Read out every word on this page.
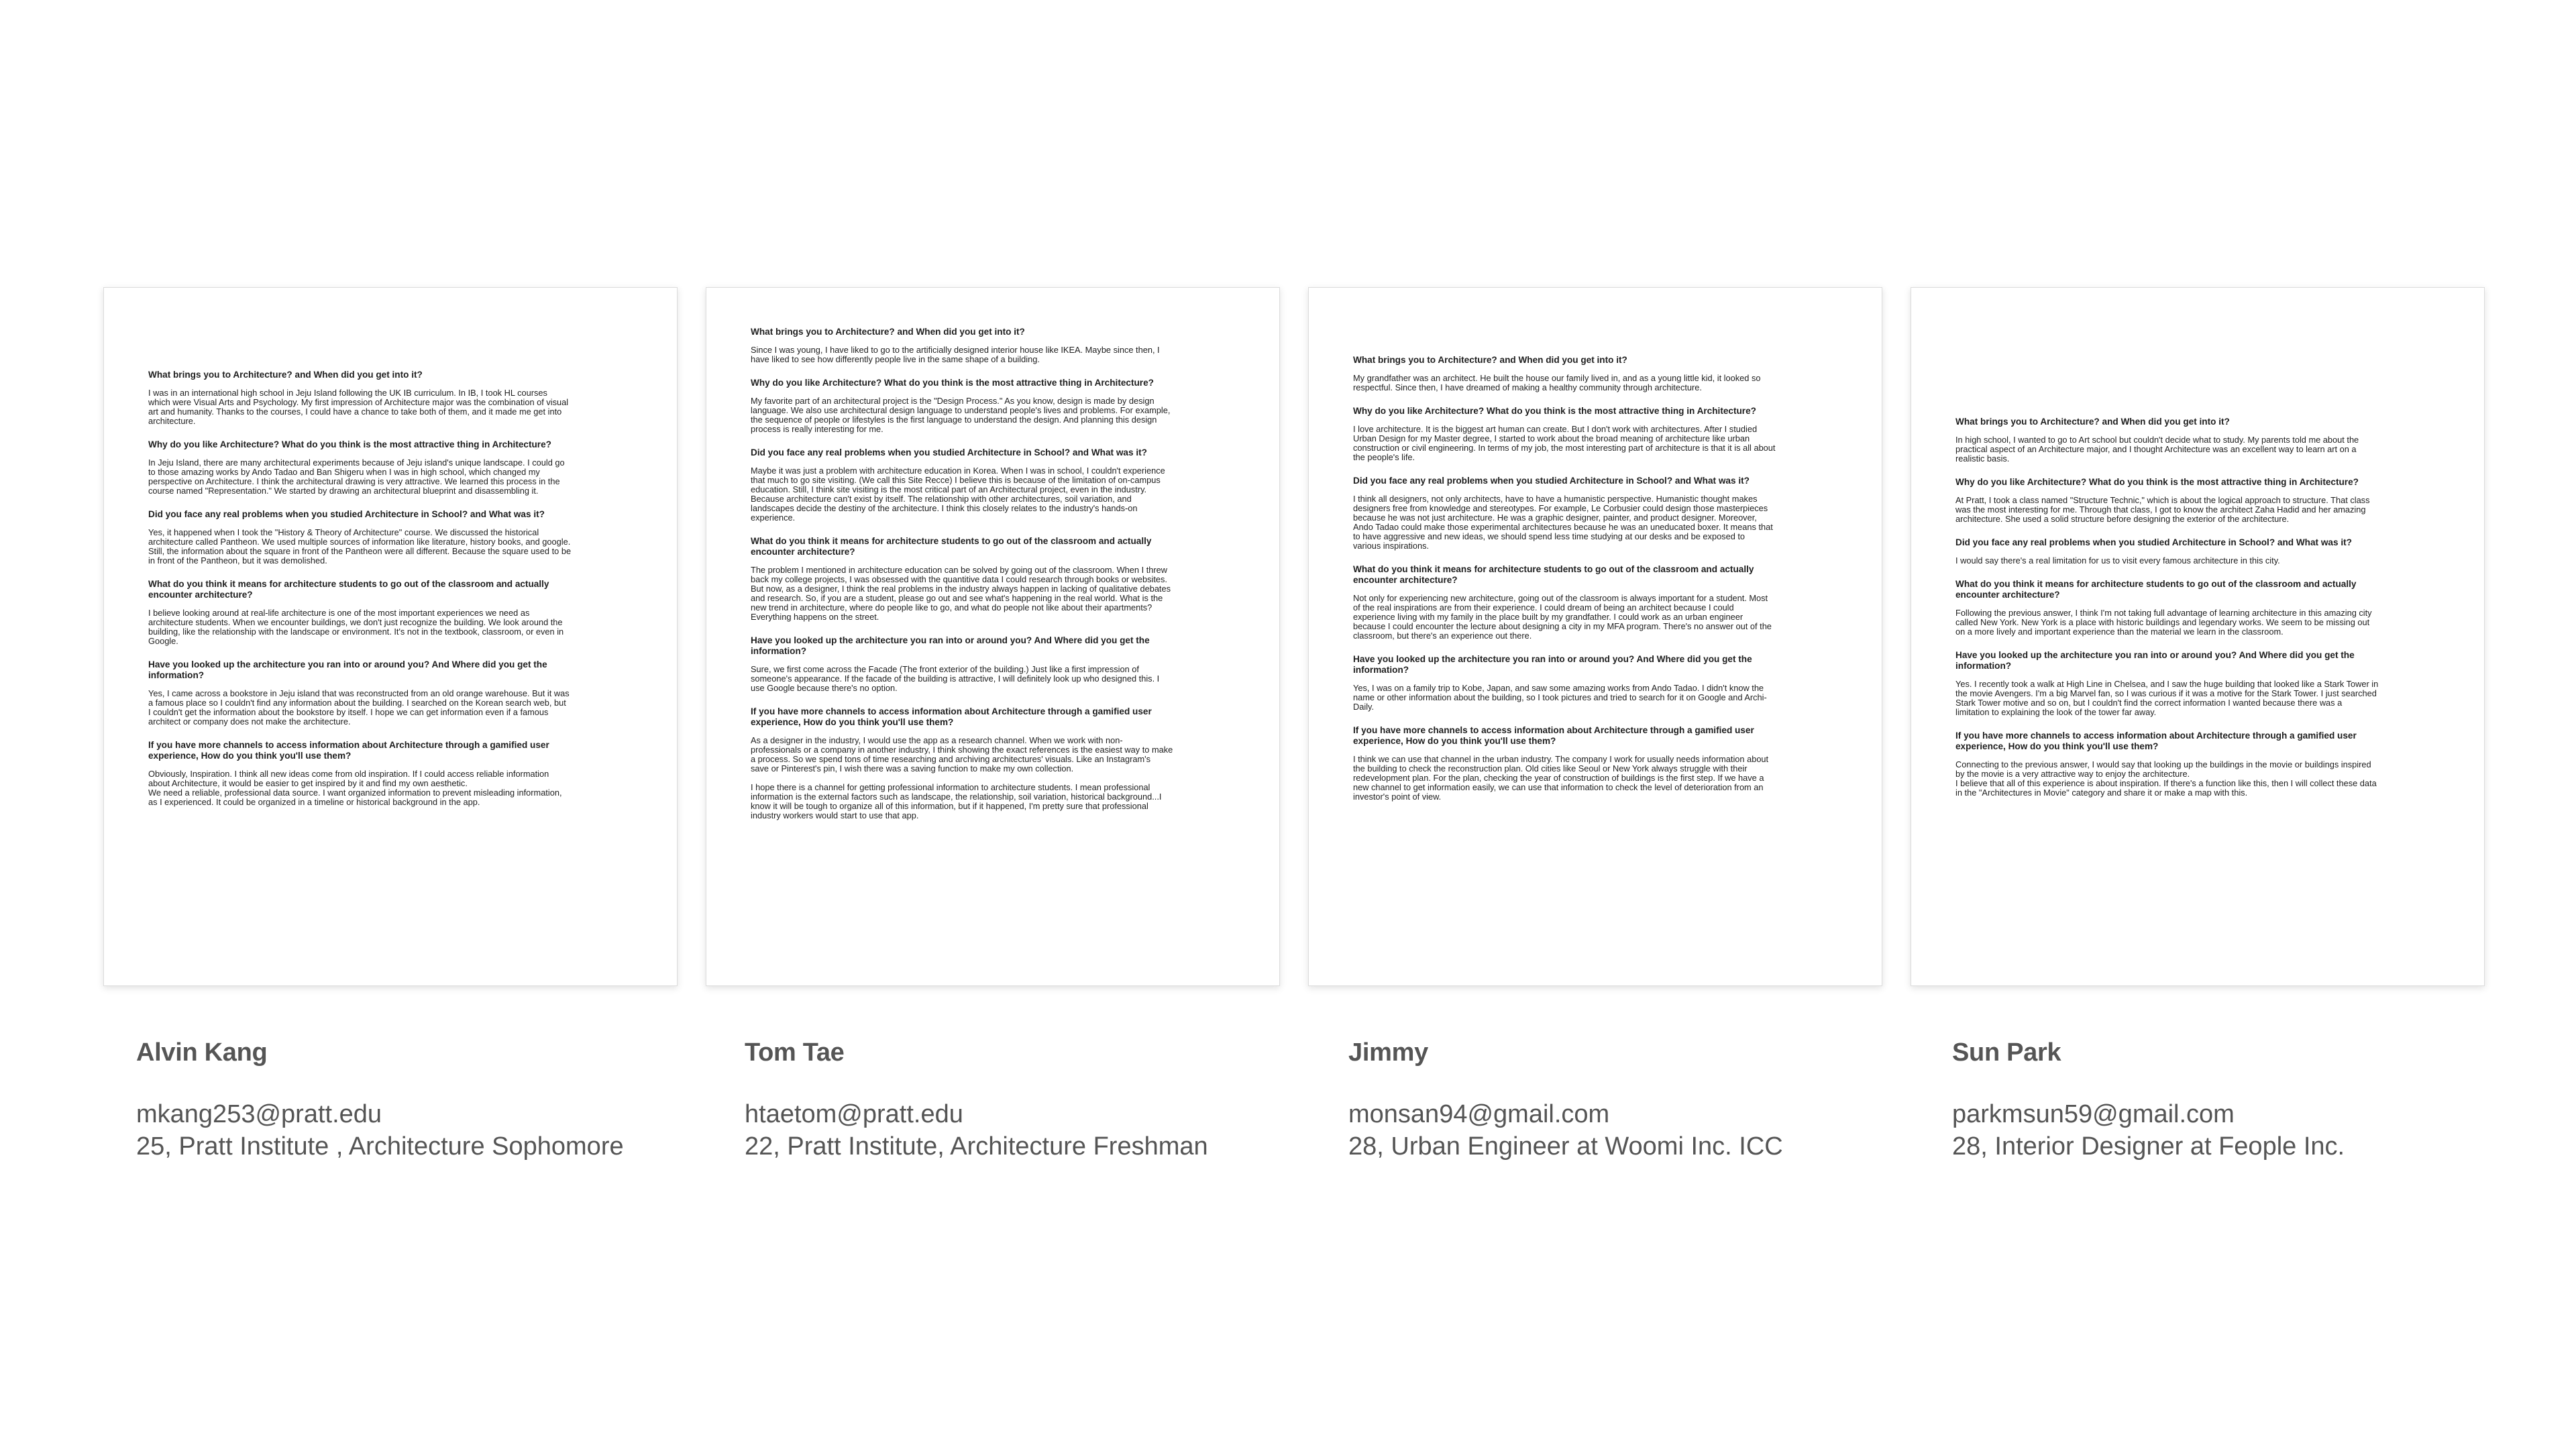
What brings you to Architecture? and When did you get into it?

I was in an international high school in Jeju Island following the UK IB curriculum. In IB, I took HL courses
which were Visual Arts and Psychology. My first impression of Architecture major was the combination of visual
art and humanity. Thanks to the courses, I could have a chance to take both of them, and it made me get into
architecture.

Why do you like Architecture? What do you think is the most attractive thing in Architecture?

In Jeju Island, there are many architectural experiments because of Jeju island's unique landscape. I could go
to those amazing works by Ando Tadao and Ban Shigeru when I was in high school, which changed my
perspective on Architecture. I think the architectural drawing is very attractive. We learned this process in the
course named "Representation." We started by drawing an architectural blueprint and disassembling it.

Did you face any real problems when you studied Architecture in School? and What was it?

Yes, it happened when I took the "History & Theory of Architecture" course. We discussed the historical
architecture called Pantheon. We used multiple sources of information like literature, history books, and google.
Still, the information about the square in front of the Pantheon were all different. Because the square used to be
in front of the Pantheon, but it was demolished.

What do you think it means for architecture students to go out of the classroom and actually
encounter architecture?

I believe looking around at real-life architecture is one of the most important experiences we need as
architecture students. When we encounter buildings, we don't just recognize the building. We look around the
building, like the relationship with the landscape or environment. It's not in the textbook, classroom, or even in
Google.

Have you looked up the architecture you ran into or around you? And Where did you get the
information?

Yes, I came across a bookstore in Jeju island that was reconstructed from an old orange warehouse. But it was
a famous place so I couldn't find any information about the building. I searched on the Korean search web, but
I couldn't get the information about the bookstore by itself. I hope we can get information even if a famous
architect or company does not make the architecture.

If you have more channels to access information about Architecture through a gamified user
experience, How do you think you'll use them?

Obviously, Inspiration. I think all new ideas come from old inspiration. If I could access reliable information
about Architecture, it would be easier to get inspired by it and find my own aesthetic.
We need a reliable, professional data source. I want organized information to prevent misleading information,
as I experienced. It could be organized in a timeline or historical background in the app.

What brings you to Architecture? and When did you get into it?

Since I was young, I have liked to go to the artificially designed interior house like IKEA. Maybe since then, I
have liked to see how differently people live in the same shape of a building.

Why do you like Architecture? What do you think is the most attractive thing in Architecture?

My favorite part of an architectural project is the "Design Process." As you know, design is made by design
language. We also use architectural design language to understand people's lives and problems. For example,
the sequence of people or lifestyles is the first language to understand the design. And planning this design
process is really interesting for me.

Did you face any real problems when you studied Architecture in School? and What was it?

Maybe it was just a problem with architecture education in Korea. When I was in school, I couldn't experience
that much to go site visiting. (We call this Site Recce) I believe this is because of the limitation of on-campus
education. Still, I think site visiting is the most critical part of an Architectural project, even in the industry.
Because architecture can't exist by itself. The relationship with other architectures, soil variation, and
landscapes decide the destiny of the architecture. I think this closely relates to the industry's hands-on
experience.

What do you think it means for architecture students to go out of the classroom and actually
encounter architecture?

The problem I mentioned in architecture education can be solved by going out of the classroom. When I threw
back my college projects, I was obsessed with the quantitive data I could research through books or websites.
But now, as a designer, I think the real problems in the industry always happen in lacking of qualitative debates
and research. So, if you are a student, please go out and see what's happening in the real world. What is the
new trend in architecture, where do people like to go, and what do people not like about their apartments?
Everything happens on the street.

Have you looked up the architecture you ran into or around you? And Where did you get the
information?

Sure, we first come across the Facade (The front exterior of the building.) Just like a first impression of
someone's appearance. If the facade of the building is attractive, I will definitely look up who designed this. I
use Google because there's no option.

If you have more channels to access information about Architecture through a gamified user
experience, How do you think you'll use them?

As a designer in the industry, I would use the app as a research channel. When we work with non-
professionals or a company in another industry, I think showing the exact references is the easiest way to make
a process. So we spend tons of time researching and archiving architectures' visuals. Like an Instagram's
save or Pinterest's pin, I wish there was a saving function to make my own collection.

I hope there is a channel for getting professional information to architecture students. I mean professional
information is the external factors such as landscape, the relationship, soil variation, historical background...I
know it will be tough to organize all of this information, but if it happened, I'm pretty sure that professional
industry workers would start to use that app.

What brings you to Architecture? and When did you get into it?

My grandfather was an architect. He built the house our family lived in, and as a young little kid, it looked so
respectful. Since then, I have dreamed of making a healthy community through architecture.

Why do you like Architecture? What do you think is the most attractive thing in Architecture?

I love architecture. It is the biggest art human can create. But I don't work with architectures. After I studied
Urban Design for my Master degree, I started to work about the broad meaning of architecture like urban
construction or civil engineering. In terms of my job, the most interesting part of architecture is that it is all about
the people's life.

Did you face any real problems when you studied Architecture in School? and What was it?

I think all designers, not only architects, have to have a humanistic perspective. Humanistic thought makes
designers free from knowledge and stereotypes. For example, Le Corbusier could design those masterpieces
because he was not just architecture. He was a graphic designer, painter, and product designer. Moreover,
Ando Tadao could make those experimental architectures because he was an uneducated boxer. It means that
to have aggressive and new ideas, we should spend less time studying at our desks and be exposed to
various inspirations.

What do you think it means for architecture students to go out of the classroom and actually
encounter architecture?

Not only for experiencing new architecture, going out of the classroom is always important for a student. Most
of the real inspirations are from their experience. I could dream of being an architect because I could
experience living with my family in the place built by my grandfather. I could work as an urban engineer
because I could encounter the lecture about designing a city in my MFA program. There's no answer out of the
classroom, but there's an experience out there.

Have you looked up the architecture you ran into or around you? And Where did you get the
information?

Yes, I was on a family trip to Kobe, Japan, and saw some amazing works from Ando Tadao. I didn't know the
name or other information about the building, so I took pictures and tried to search for it on Google and Archi-
Daily.

If you have more channels to access information about Architecture through a gamified user
experience, How do you think you'll use them?

I think we can use that channel in the urban industry. The company I work for usually needs information about
the building to check the reconstruction plan. Old cities like Seoul or New York always struggle with their
redevelopment plan. For the plan, checking the year of construction of buildings is the first step. If we have a
new channel to get information easily, we can use that information to check the level of deterioration from an
investor's point of view.

What brings you to Architecture? and When did you get into it?

In high school, I wanted to go to Art school but couldn't decide what to study. My parents told me about the
practical aspect of an Architecture major, and I thought Architecture was an excellent way to learn art on a
realistic basis.

Why do you like Architecture? What do you think is the most attractive thing in Architecture?

At Pratt, I took a class named "Structure Technic," which is about the logical approach to structure. That class
was the most interesting for me. Through that class, I got to know the architect Zaha Hadid and her amazing
architecture. She used a solid structure before designing the exterior of the architecture.

Did you face any real problems when you studied Architecture in School? and What was it?

I would say there's a real limitation for us to visit every famous architecture in this city.

What do you think it means for architecture students to go out of the classroom and actually
encounter architecture?

Following the previous answer, I think I'm not taking full advantage of learning architecture in this amazing city
called New York. New York is a place with historic buildings and legendary works. We seem to be missing out
on a more lively and important experience than the material we learn in the classroom.

Have you looked up the architecture you ran into or around you? And Where did you get the
information?

Yes. I recently took a walk at High Line in Chelsea, and I saw the huge building that looked like a Stark Tower in
the movie Avengers. I'm a big Marvel fan, so I was curious if it was a motive for the Stark Tower. I just searched
Stark Tower motive and so on, but I couldn't find the correct information I wanted because there was a
limitation to explaining the look of the tower far away.

If you have more channels to access information about Architecture through a gamified user
experience, How do you think you'll use them?

Connecting to the previous answer, I would say that looking up the buildings in the movie or buildings inspired
by the movie is a very attractive way to enjoy the architecture.
I believe that all of this experience is about inspiration. If there's a function like this, then I will collect these data
in the "Architectures in Movie" category and share it or make a map with this.

Alvin Kang

mkang253@pratt.edu

25, Pratt Institute , Architecture Sophomore

Tom Tae

htaetom@pratt.edu

22, Pratt Institute, Architecture Freshman

Jimmy

monsan94@gmail.com

28, Urban Engineer at Woomi Inc. ICC

Sun Park

parkmsun59@gmail.com

28, Interior Designer at Feople Inc.
